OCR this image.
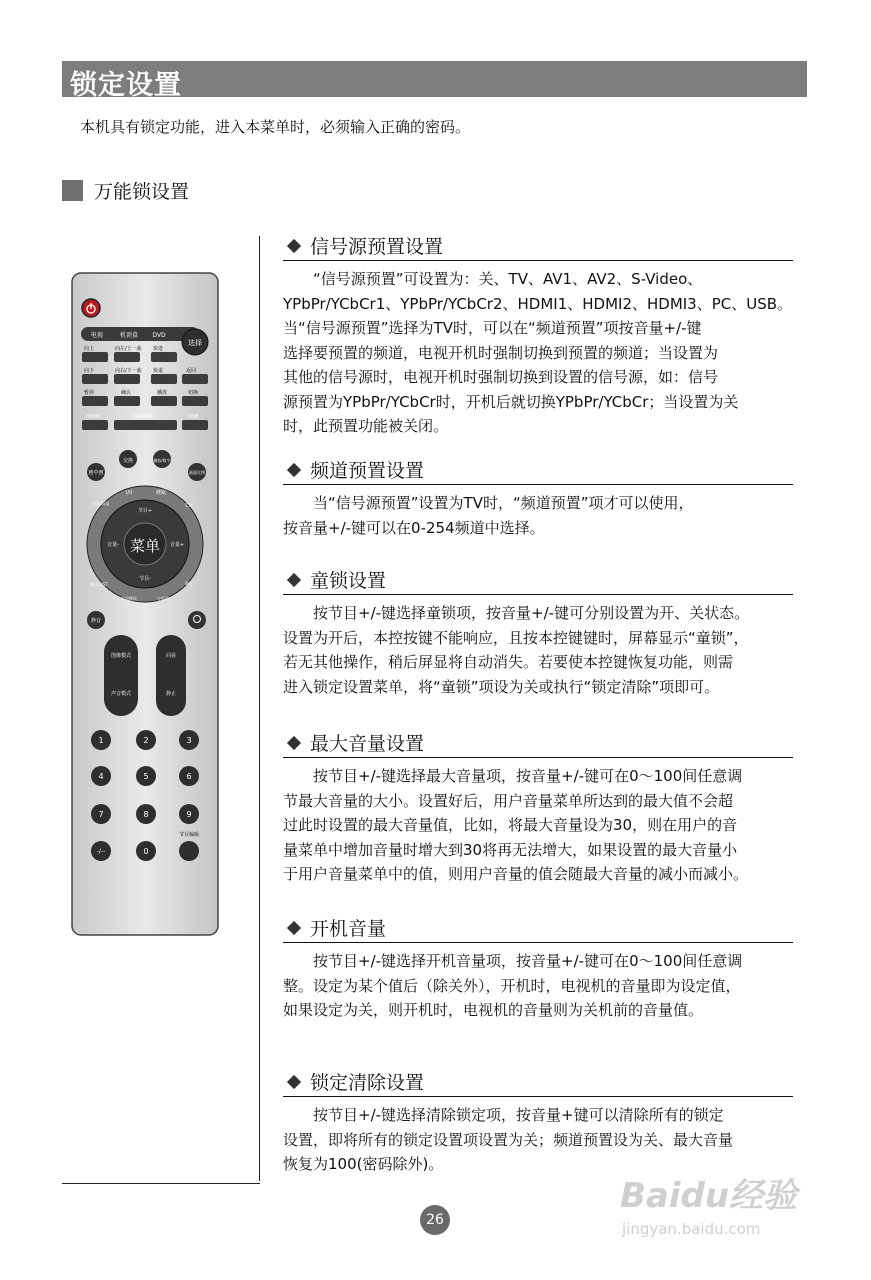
锁定设置
本机具有锁定功能，进入本菜单时，必须输入正确的密码。
万能锁设置
电视	机顶盒 DVD
选择
向上	向左/上一曲 快进
向下	向右/下一曲 快退	返回
暂停	确认	播放	切换
HDMI	电视/视频	USB
交换	模拟/数字
画中画	画面比例
菜单
电视/屏显
I/II	睡眠
CH
节目+
音量-	音量+
节目-
图文/LIST
时间跳跃	万能锁
暖灯
静音
图像模式
声音模式
回看
静止
1	2	3
4	5	6
7	8	9
-/--	0
节目编辑
信号源预置设置
　　“信号源预置”可设置为：关、TV、AV1、AV2、S-Video、
YPbPr/YCbCr1、YPbPr/YCbCr2、HDMI1、HDMI2、HDMI3、PC、USB。
当“信号源预置”选择为TV时，可以在“频道预置”项按音量+/-键
选择要预置的频道，电视开机时强制切换到预置的频道；当设置为
其他的信号源时，电视开机时强制切换到设置的信号源，如：信号
源预置为YPbPr/YCbCr时，开机后就切换YPbPr/YCbCr；当设置为关
时，此预置功能被关闭。
频道预置设置
　　当“信号源预置”设置为TV时，“频道预置”项才可以使用，
按音量+/-键可以在0-254频道中选择。
童锁设置
　　按节目+/-键选择童锁项，按音量+/-键可分别设置为开、关状态。
设置为开后，本控按键不能响应，且按本控键键时，屏幕显示“童锁”，
若无其他操作，稍后屏显将自动消失。若要使本控键恢复功能，则需
进入锁定设置菜单，将“童锁”项设为关或执行“锁定清除”项即可。
最大音量设置
　　按节目+/-键选择最大音量项，按音量+/-键可在0～100间任意调
节最大音量的大小。设置好后，用户音量菜单所达到的最大值不会超
过此时设置的最大音量值，比如，将最大音量设为30，则在用户的音
量菜单中增加音量时增大到30将再无法增大，如果设置的最大音量小
于用户音量菜单中的值，则用户音量的值会随最大音量的减小而减小。
开机音量
　　按节目+/-键选择开机音量项，按音量+/-键可在0～100间任意调
整。设定为某个值后（除关外），开机时，电视机的音量即为设定值，
如果设定为关，则开机时，电视机的音量则为关机前的音量值。
锁定清除设置
　　按节目+/-键选择清除锁定项，按音量+键可以清除所有的锁定
设置，即将所有的锁定设置项设置为关；频道预置设为关、最大音量
恢复为100(密码除外)。
26
Baidu经验
jingyan.baidu.com
